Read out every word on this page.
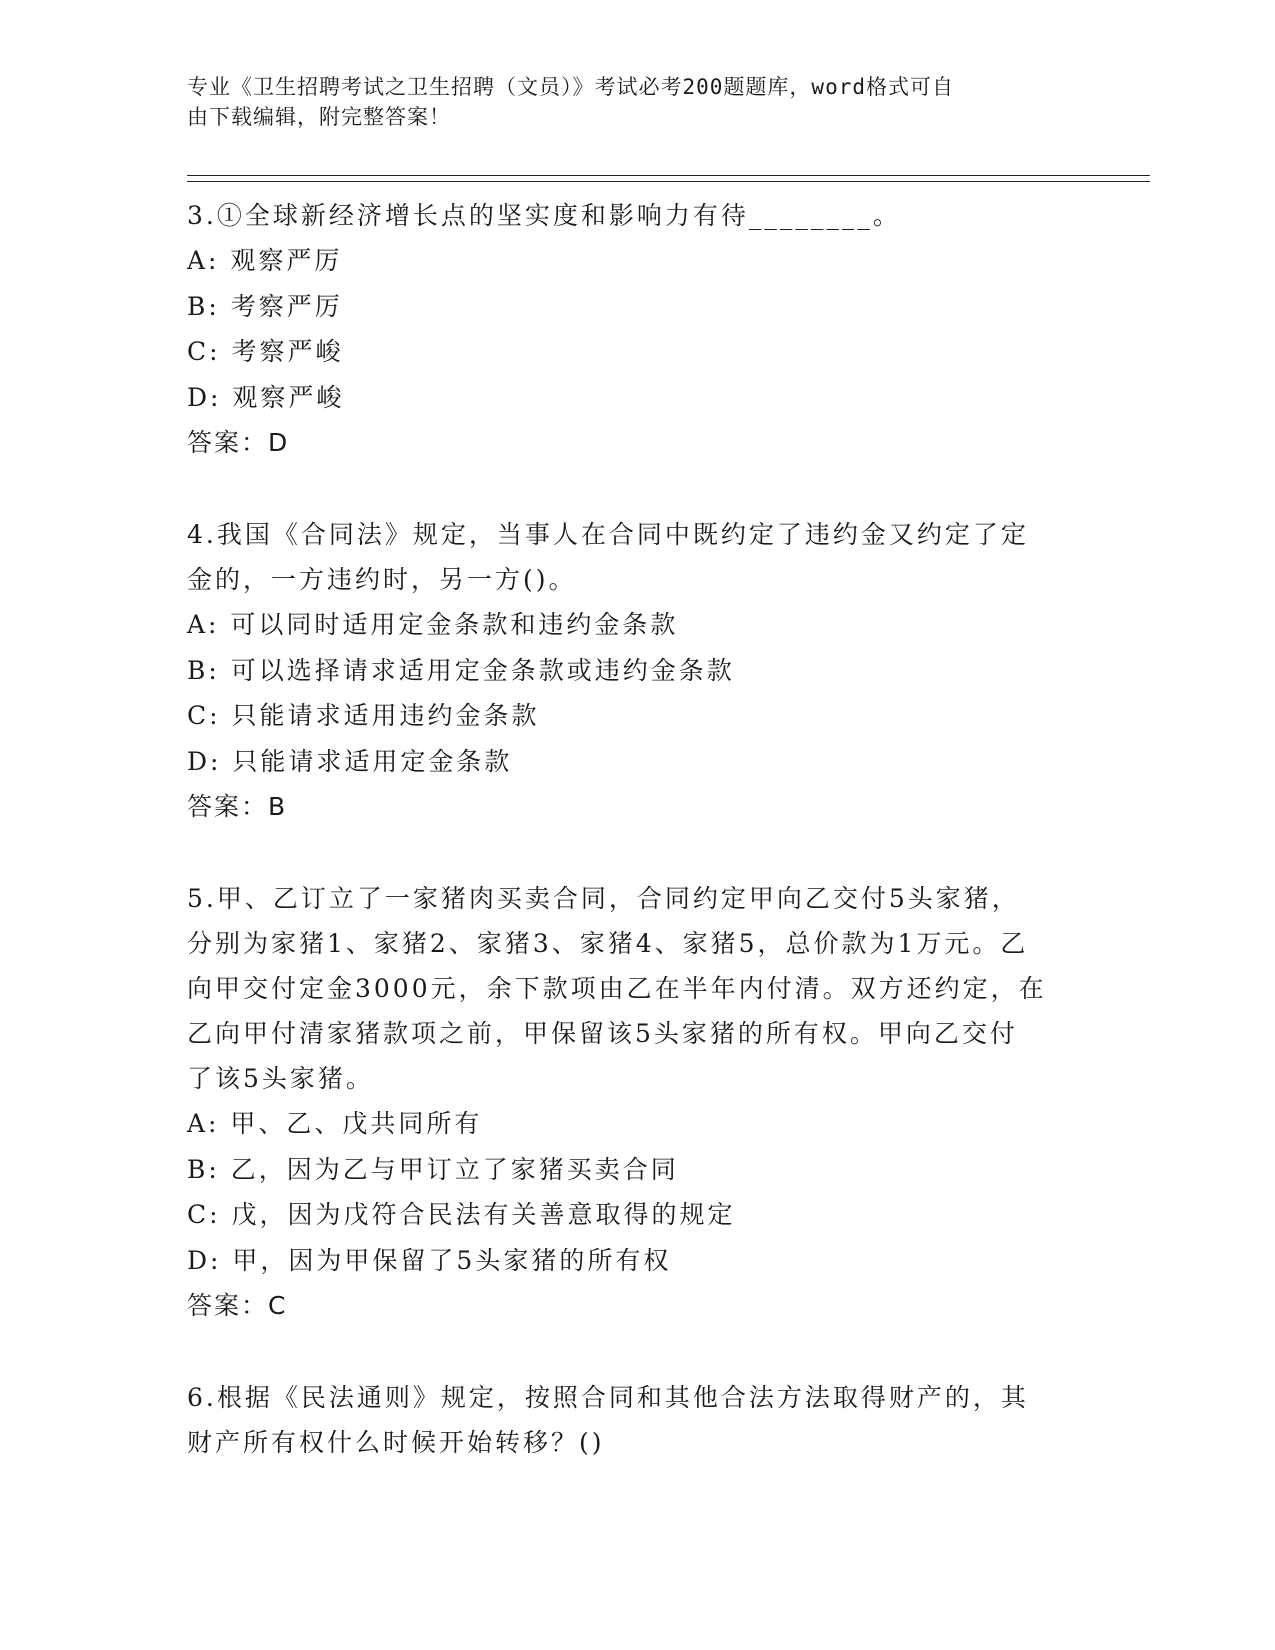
专业《卫生招聘考试之卫生招聘（文员）》考试必考200题题库，word格式可自
由下载编辑，附完整答案！
3.①全球新经济增长点的坚实度和影响力有待________。
A: 观察严厉
B: 考察严厉
C: 考察严峻
D: 观察严峻
答案：D
4.我国《合同法》规定，当事人在合同中既约定了违约金又约定了定
金的，一方违约时，另一方()。
A: 可以同时适用定金条款和违约金条款
B: 可以选择请求适用定金条款或违约金条款
C: 只能请求适用违约金条款
D: 只能请求适用定金条款
答案：B
5.甲、乙订立了一家猪肉买卖合同，合同约定甲向乙交付5头家猪，
分别为家猪1、家猪2、家猪3、家猪4、家猪5，总价款为1万元。乙
向甲交付定金3000元，余下款项由乙在半年内付清。双方还约定，在
乙向甲付清家猪款项之前，甲保留该5头家猪的所有权。甲向乙交付
了该5头家猪。
A: 甲、乙、戊共同所有
B: 乙，因为乙与甲订立了家猪买卖合同
C: 戊，因为戊符合民法有关善意取得的规定
D: 甲，因为甲保留了5头家猪的所有权
答案：C
6.根据《民法通则》规定，按照合同和其他合法方法取得财产的，其
财产所有权什么时候开始转移？()
